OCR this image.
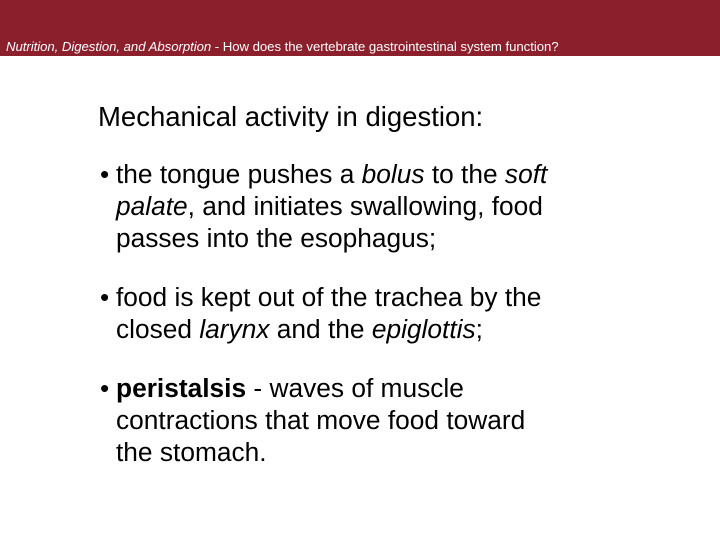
Nutrition, Digestion, and Absorption - How does the vertebrate gastrointestinal system function?
Mechanical activity in digestion:
• the tongue pushes a bolus to the soft
palate, and initiates swallowing, food
passes into the esophagus;
• food is kept out of the trachea by the
closed larynx and the epiglottis;
• peristalsis - waves of muscle
contractions that move food toward
the stomach.
